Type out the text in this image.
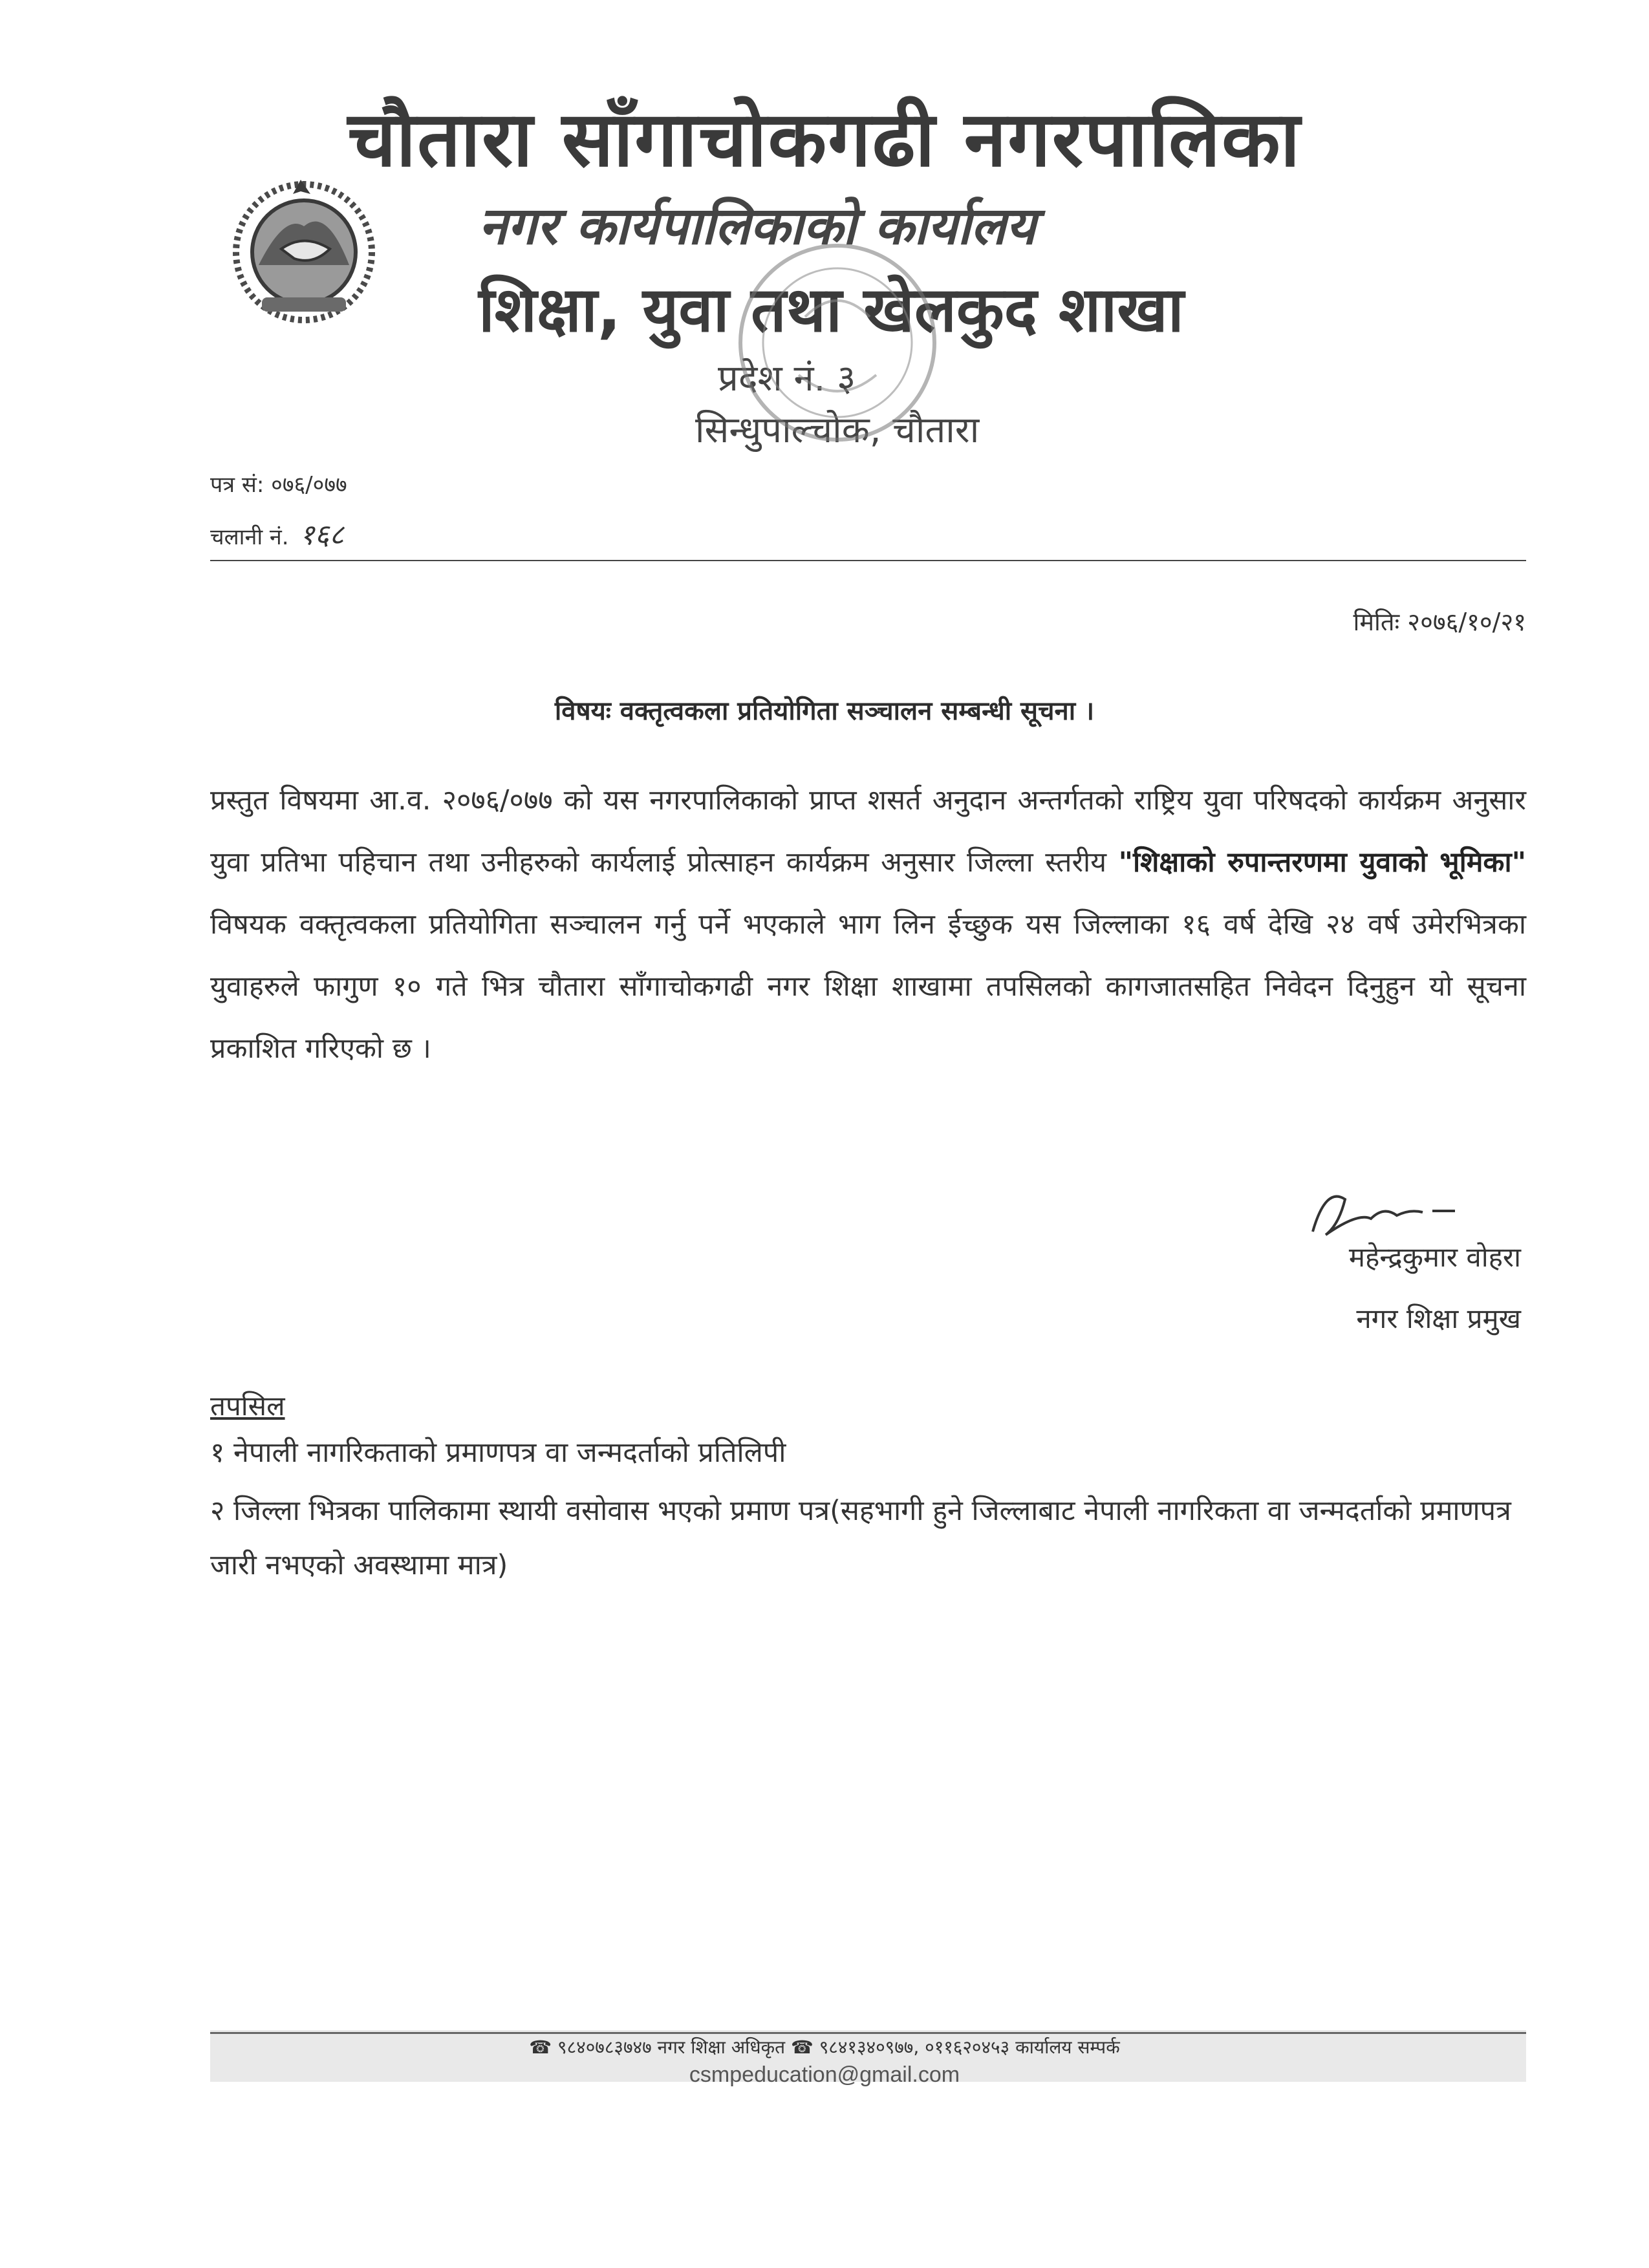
चौतारा साँगाचोकगढी नगरपालिका
नगर कार्यपालिकाको कार्यालय
शिक्षा, युवा तथा खेलकुद शाखा
प्रदेश नं. ३
सिन्धुपाल्चोक, चौतारा
पत्र सं: ०७६/०७७
चलानी नं. १६८
मितिः २०७६/१०/२१
विषयः वक्तृत्वकला प्रतियोगिता सञ्चालन सम्बन्धी सूचना ।
प्रस्तुत विषयमा आ.व. २०७६/०७७ को यस नगरपालिकाको प्राप्त शसर्त अनुदान अन्तर्गतको राष्ट्रिय युवा परिषदको कार्यक्रम अनुसार युवा प्रतिभा पहिचान तथा उनीहरुको कार्यलाई प्रोत्साहन कार्यक्रम अनुसार जिल्ला स्तरीय "शिक्षाको रुपान्तरणमा युवाको भूमिका" विषयक वक्तृत्वकला प्रतियोगिता सञ्चालन गर्नु पर्ने भएकाले भाग लिन ईच्छुक यस जिल्लाका १६ वर्ष देखि २४ वर्ष उमेरभित्रका युवाहरुले फागुण १० गते भित्र चौतारा साँगाचोकगढी नगर शिक्षा शाखामा तपसिलको कागजातसहित निवेदन दिनुहुन यो सूचना प्रकाशित गरिएको छ ।
महेन्द्रकुमार वोहरा
नगर शिक्षा प्रमुख
तपसिल
१ नेपाली नागरिकताको प्रमाणपत्र वा जन्मदर्ताको प्रतिलिपी
२ जिल्ला भित्रका पालिकामा स्थायी वसोवास भएको प्रमाण पत्र(सहभागी हुने जिल्लाबाट नेपाली नागरिकता वा जन्मदर्ताको प्रमाणपत्र जारी नभएको अवस्थामा मात्र)
☎ ९८४०७८३७४७ नगर शिक्षा अधिकृत ☎ ९८४१३४०९७७, ०११६२०४५३ कार्यालय सम्पर्क
csmpeducation@gmail.com
